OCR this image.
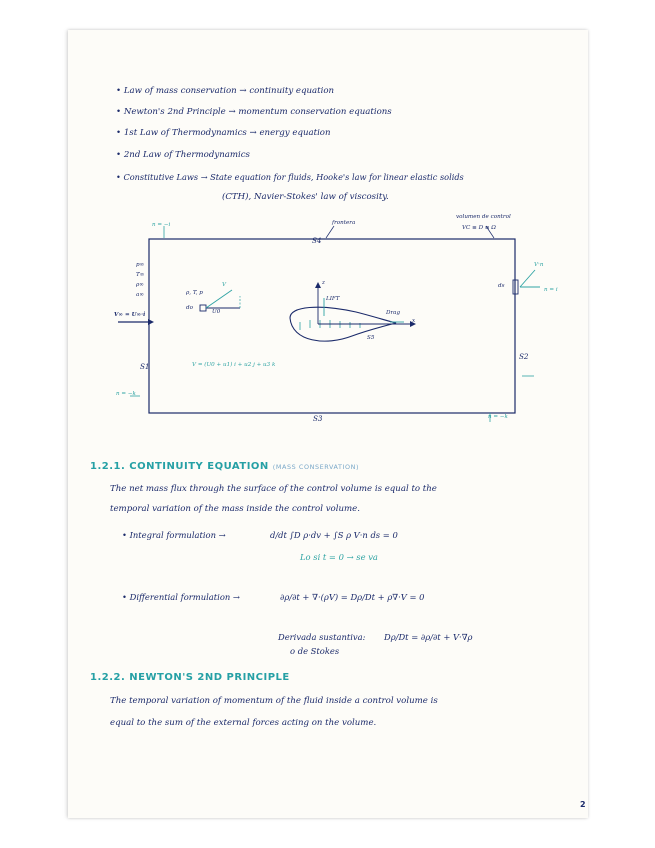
• Law of mass conservation → continuity equation
• Newton's 2nd Principle → momentum conservation equations
• 1st Law of Thermodynamics → energy equation
• 2nd Law of Thermodynamics
• Constitutive Laws → State equation for fluids, Hooke's law for linear elastic solids
(CTH), Navier-Stokes' law of viscosity.
S4
frontera
volumen de control
VC ≡ D ≡ Ω
S1
S2
S3
S5
ds
do
U0
V
ρ, T, p
p∞
T∞
ρ∞
a∞
V∞ = U∞·i
V = (U0 + u1) i + u2 j + u3 k
LIFT
Drag
x
z
n = −i
V·n
n = i
n = −k
n = −k
1.2.1. CONTINUITY EQUATION (MASS CONSERVATION)
The net mass flux through the surface of the control volume is equal to the
temporal variation of the mass inside the control volume.
• Integral formulation →	d/dt ∫D ρ·dv + ∫S ρ V·n ds = 0
Lo si t = 0 → se va
• Differential formulation →	∂ρ/∂t + ∇·(ρV) = Dρ/Dt + ρ∇·V = 0
Derivada sustantiva: Dρ/Dt = ∂ρ/∂t + V·∇ρ
o de Stokes
1.2.2. NEWTON'S 2ND PRINCIPLE
The temporal variation of momentum of the fluid inside a control volume is
equal to the sum of the external forces acting on the volume.
2
